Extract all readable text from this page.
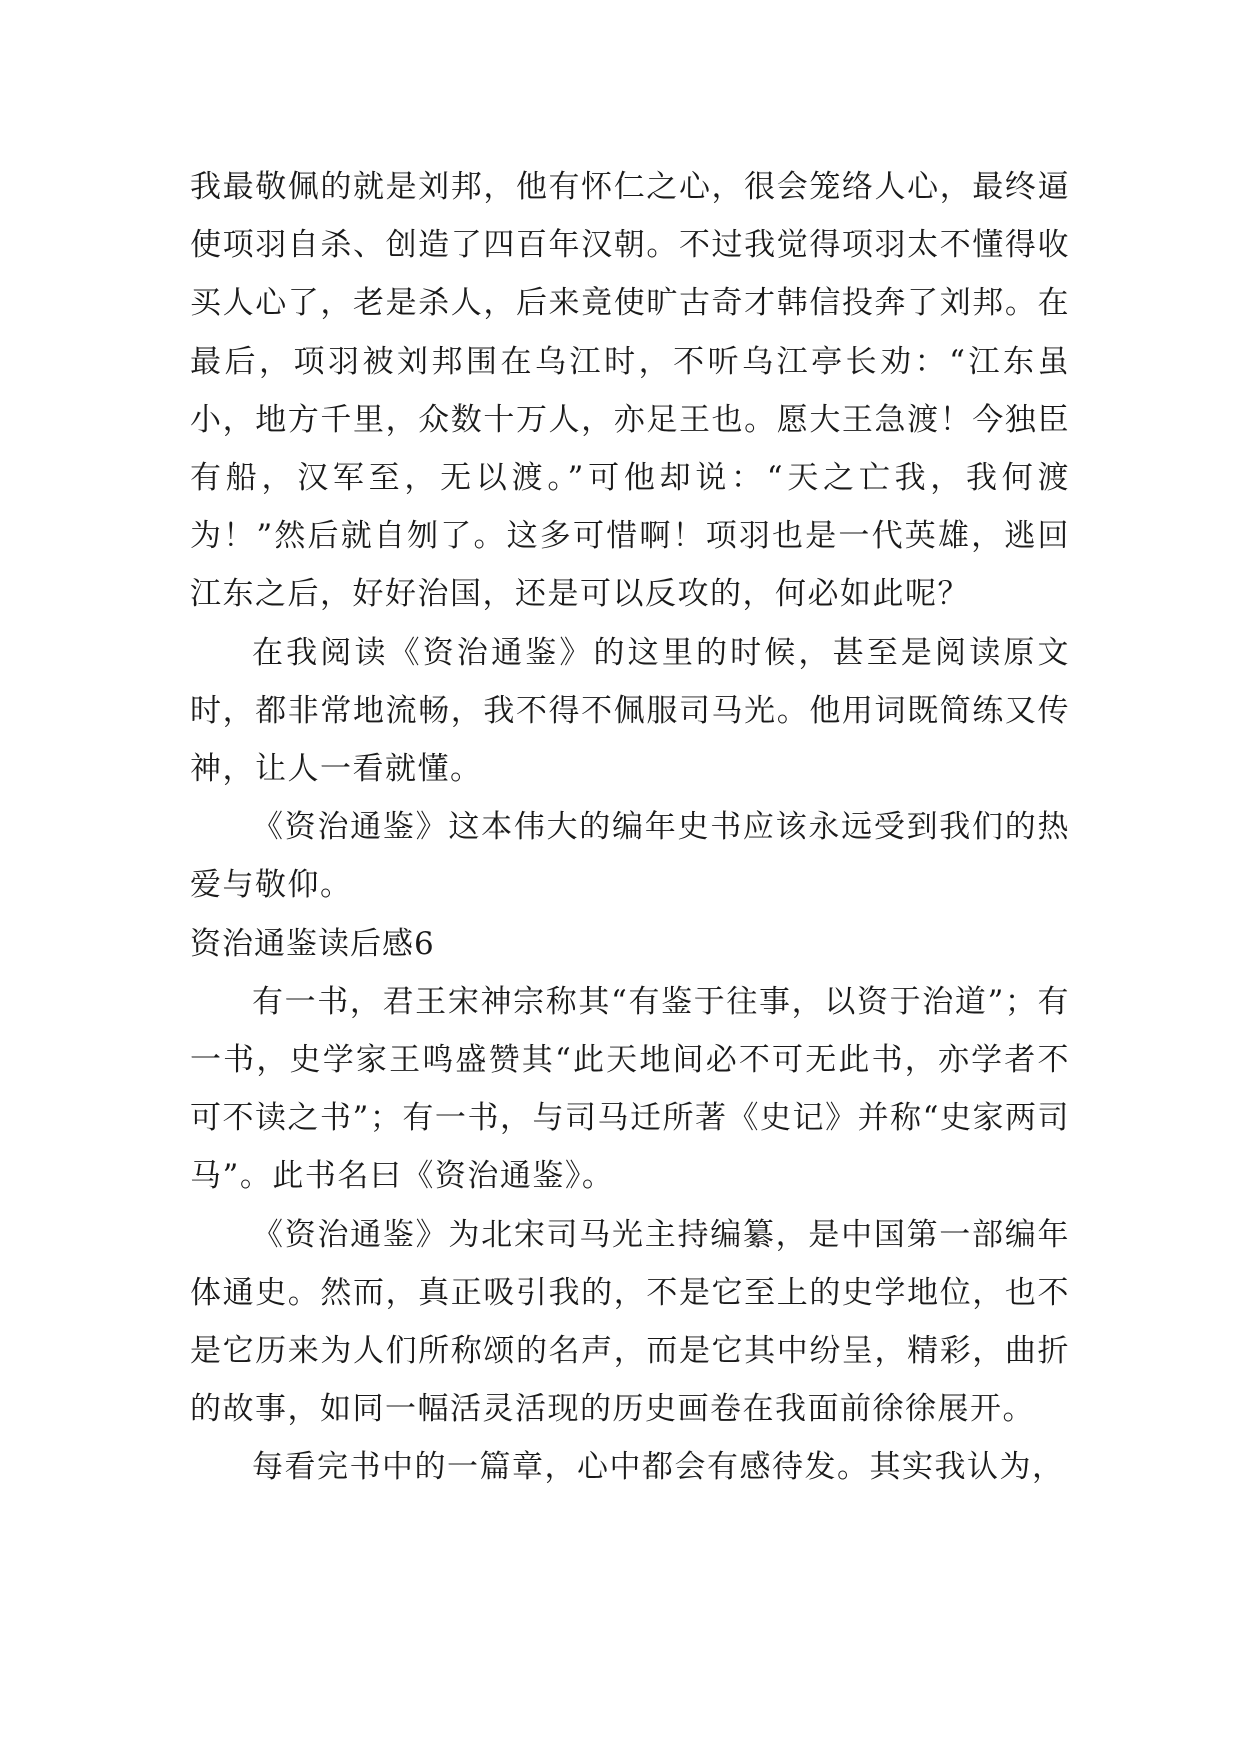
我最敬佩的就是刘邦，他有怀仁之心，很会笼络人心，最终逼使项羽自杀、创造了四百年汉朝。不过我觉得项羽太不懂得收买人心了，老是杀人，后来竟使旷古奇才韩信投奔了刘邦。在最后，项羽被刘邦围在乌江时，不听乌江亭长劝：“江东虽小，地方千里，众数十万人，亦足王也。愿大王急渡！今独臣有船，汉军至，无以渡。”可他却说：“天之亡我，我何渡为！”然后就自刎了。这多可惜啊！项羽也是一代英雄，逃回江东之后，好好治国，还是可以反攻的，何必如此呢？

在我阅读《资治通鉴》的这里的时候，甚至是阅读原文时，都非常地流畅，我不得不佩服司马光。他用词既简练又传神，让人一看就懂。

《资治通鉴》这本伟大的编年史书应该永远受到我们的热爱与敬仰。

资治通鉴读后感6

有一书，君王宋神宗称其“有鉴于往事，以资于治道”；有一书，史学家王鸣盛赞其“此天地间必不可无此书，亦学者不可不读之书”；有一书，与司马迁所著《史记》并称“史家两司马”。此书名曰《资治通鉴》。

《资治通鉴》为北宋司马光主持编纂，是中国第一部编年体通史。然而，真正吸引我的，不是它至上的史学地位，也不是它历来为人们所称颂的名声，而是它其中纷呈，精彩，曲折的故事，如同一幅活灵活现的历史画卷在我面前徐徐展开。

每看完书中的一篇章，心中都会有感待发。其实我认为，
